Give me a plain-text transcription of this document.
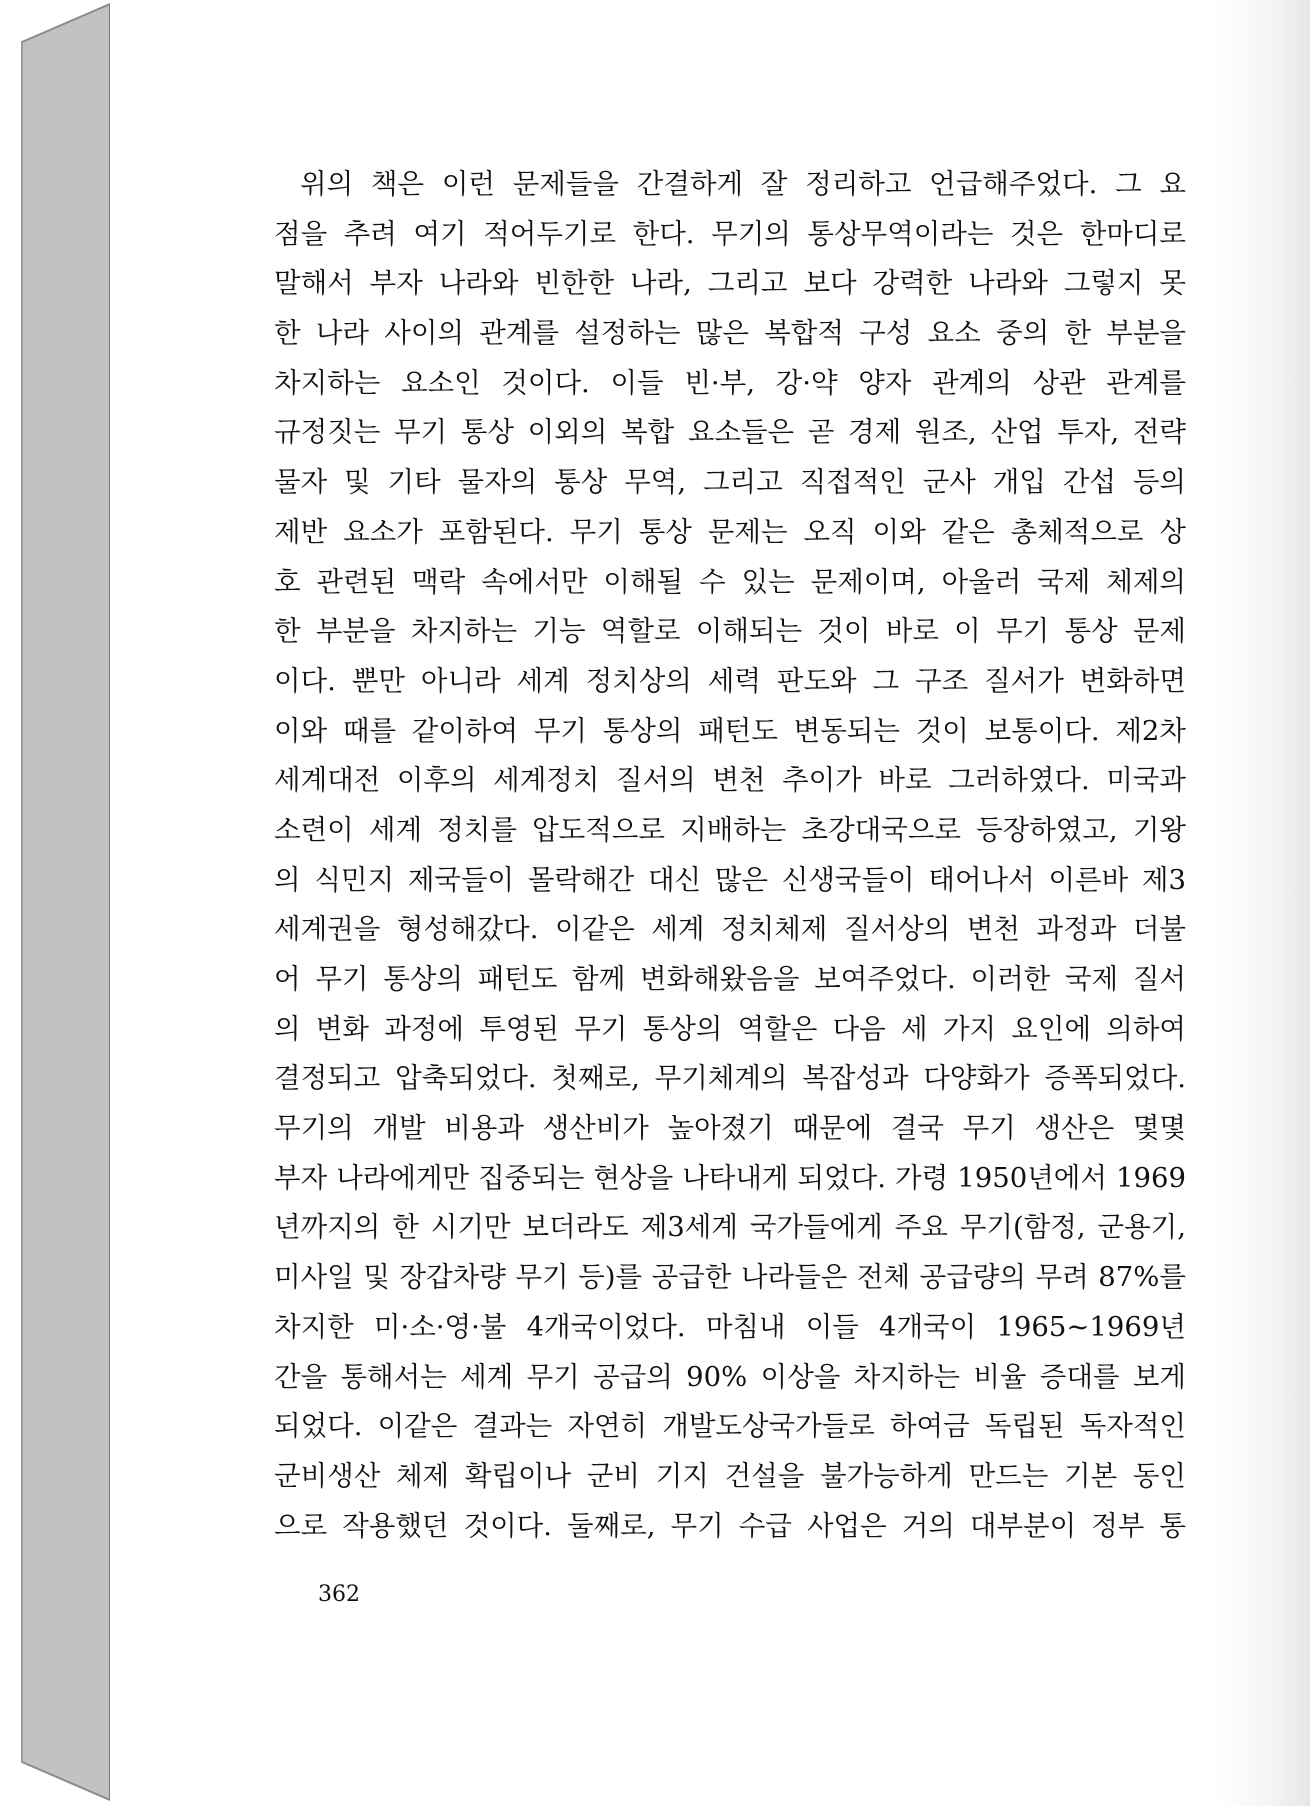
위의 책은 이런 문제들을 간결하게 잘 정리하고 언급해주었다. 그 요
점을 추려 여기 적어두기로 한다. 무기의 통상무역이라는 것은 한마디로
말해서 부자 나라와 빈한한 나라, 그리고 보다 강력한 나라와 그렇지 못
한 나라 사이의 관계를 설정하는 많은 복합적 구성 요소 중의 한 부분을
차지하는 요소인 것이다. 이들 빈·부, 강·약 양자 관계의 상관 관계를
규정짓는 무기 통상 이외의 복합 요소들은 곧 경제 원조, 산업 투자, 전략
물자 및 기타 물자의 통상 무역, 그리고 직접적인 군사 개입 간섭 등의
제반 요소가 포함된다. 무기 통상 문제는 오직 이와 같은 총체적으로 상
호 관련된 맥락 속에서만 이해될 수 있는 문제이며, 아울러 국제 체제의
한 부분을 차지하는 기능 역할로 이해되는 것이 바로 이 무기 통상 문제
이다. 뿐만 아니라 세계 정치상의 세력 판도와 그 구조 질서가 변화하면
이와 때를 같이하여 무기 통상의 패턴도 변동되는 것이 보통이다. 제2차
세계대전 이후의 세계정치 질서의 변천 추이가 바로 그러하였다. 미국과
소련이 세계 정치를 압도적으로 지배하는 초강대국으로 등장하였고, 기왕
의 식민지 제국들이 몰락해간 대신 많은 신생국들이 태어나서 이른바 제3
세계권을 형성해갔다. 이같은 세계 정치체제 질서상의 변천 과정과 더불
어 무기 통상의 패턴도 함께 변화해왔음을 보여주었다. 이러한 국제 질서
의 변화 과정에 투영된 무기 통상의 역할은 다음 세 가지 요인에 의하여
결정되고 압축되었다. 첫째로, 무기체계의 복잡성과 다양화가 증폭되었다.
무기의 개발 비용과 생산비가 높아졌기 때문에 결국 무기 생산은 몇몇
부자 나라에게만 집중되는 현상을 나타내게 되었다. 가령 1950년에서 1969
년까지의 한 시기만 보더라도 제3세계 국가들에게 주요 무기(함정, 군용기,
미사일 및 장갑차량 무기 등)를 공급한 나라들은 전체 공급량의 무려 87%를
차지한 미·소·영·불 4개국이었다. 마침내 이들 4개국이 1965~1969년
간을 통해서는 세계 무기 공급의 90% 이상을 차지하는 비율 증대를 보게
되었다. 이같은 결과는 자연히 개발도상국가들로 하여금 독립된 독자적인
군비생산 체제 확립이나 군비 기지 건설을 불가능하게 만드는 기본 동인
으로 작용했던 것이다. 둘째로, 무기 수급 사업은 거의 대부분이 정부 통
362
